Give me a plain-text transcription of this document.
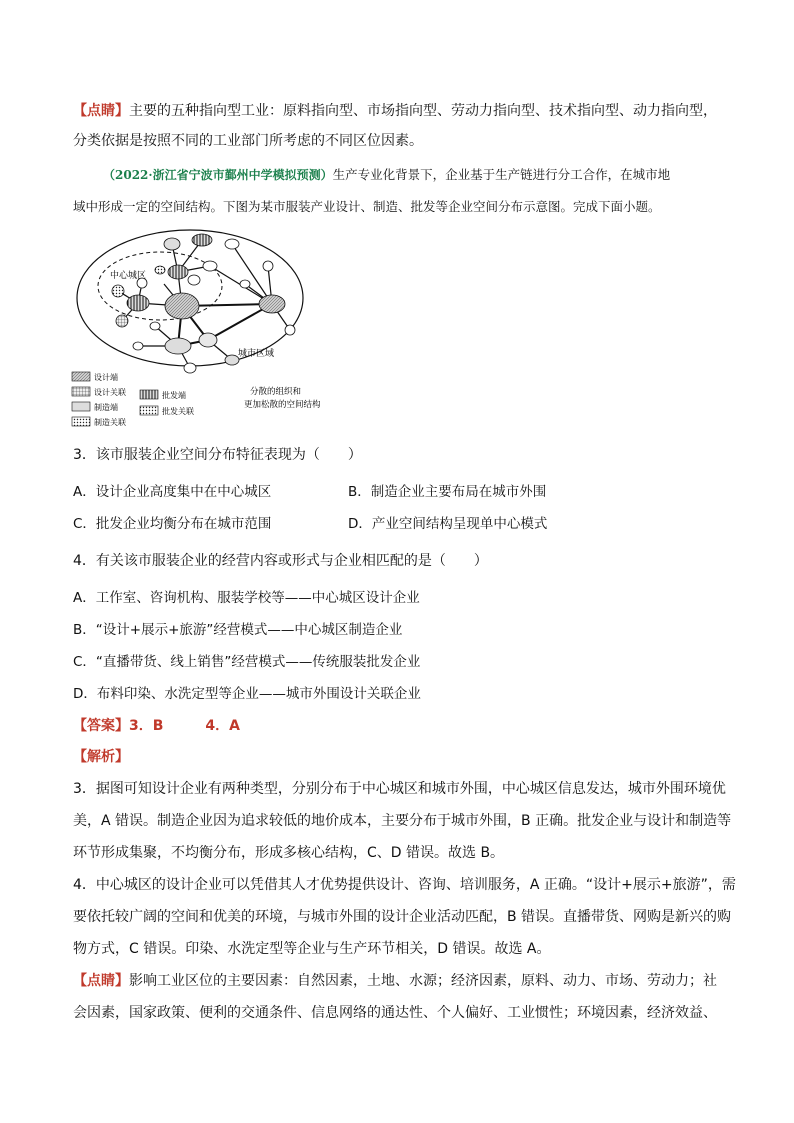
【点睛】主要的五种指向型工业：原料指向型、市场指向型、劳动力指向型、技术指向型、动力指向型，
分类依据是按照不同的工业部门所考虑的不同区位因素。
（2022·浙江省宁波市鄞州中学模拟预测）生产专业化背景下，企业基于生产链进行分工合作，在城市地
域中形成一定的空间结构。下图为某市服装产业设计、制造、批发等企业空间分布示意图。完成下面小题。
中心城区
城市区域
设计端
设计关联
制造端
制造关联
批发端
批发关联
分散的组织和
更加松散的空间结构
3．该市服装企业空间分布特征表现为（　　）
A．设计企业高度集中在中心城区	B．制造企业主要布局在城市外围
C．批发企业均衡分布在城市范围	D．产业空间结构呈现单中心模式
4．有关该市服装企业的经营内容或形式与企业相匹配的是（　　）
A．工作室、咨询机构、服装学校等——中心城区设计企业
B．“设计+展示+旅游”经营模式——中心城区制造企业
C．“直播带货、线上销售”经营模式——传统服装批发企业
D．布料印染、水洗定型等企业——城市外围设计关联企业
【答案】3．B　　　4．A
【解析】
3．据图可知设计企业有两种类型，分别分布于中心城区和城市外围，中心城区信息发达，城市外围环境优
美，A 错误。制造企业因为追求较低的地价成本，主要分布于城市外围，B 正确。批发企业与设计和制造等
环节形成集聚，不均衡分布，形成多核心结构，C、D 错误。故选 B。
4．中心城区的设计企业可以凭借其人才优势提供设计、咨询、培训服务，A 正确。“设计+展示+旅游”，需
要依托较广阔的空间和优美的环境，与城市外围的设计企业活动匹配，B 错误。直播带货、网购是新兴的购
物方式，C 错误。印染、水洗定型等企业与生产环节相关，D 错误。故选 A。
【点睛】影响工业区位的主要因素：自然因素，土地、水源；经济因素，原料、动力、市场、劳动力；社
会因素，国家政策、便利的交通条件、信息网络的通达性、个人偏好、工业惯性；环境因素，经济效益、
